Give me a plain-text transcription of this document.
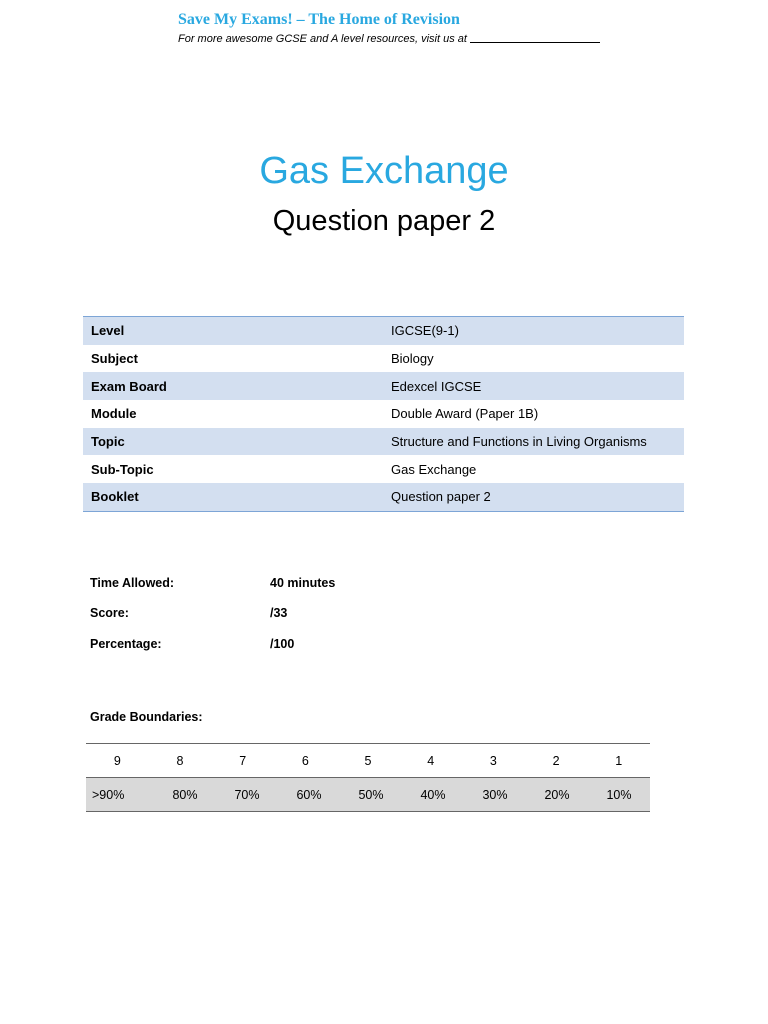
Save My Exams! – The Home of Revision
For more awesome GCSE and A level resources, visit us at
Gas Exchange
Question paper 2
Level	IGCSE(9-1)
Subject	Biology
Exam Board	Edexcel IGCSE
Module	Double Award (Paper 1B)
Topic	Structure and Functions in Living Organisms
Sub-Topic	Gas Exchange
Booklet	Question paper 2
Time Allowed:	40 minutes
Score:	/33
Percentage:	/100
Grade Boundaries:
9	8	7	6	5	4	3	2	1
>90%	80%	70%	60%	50%	40%	30%	20%	10%
